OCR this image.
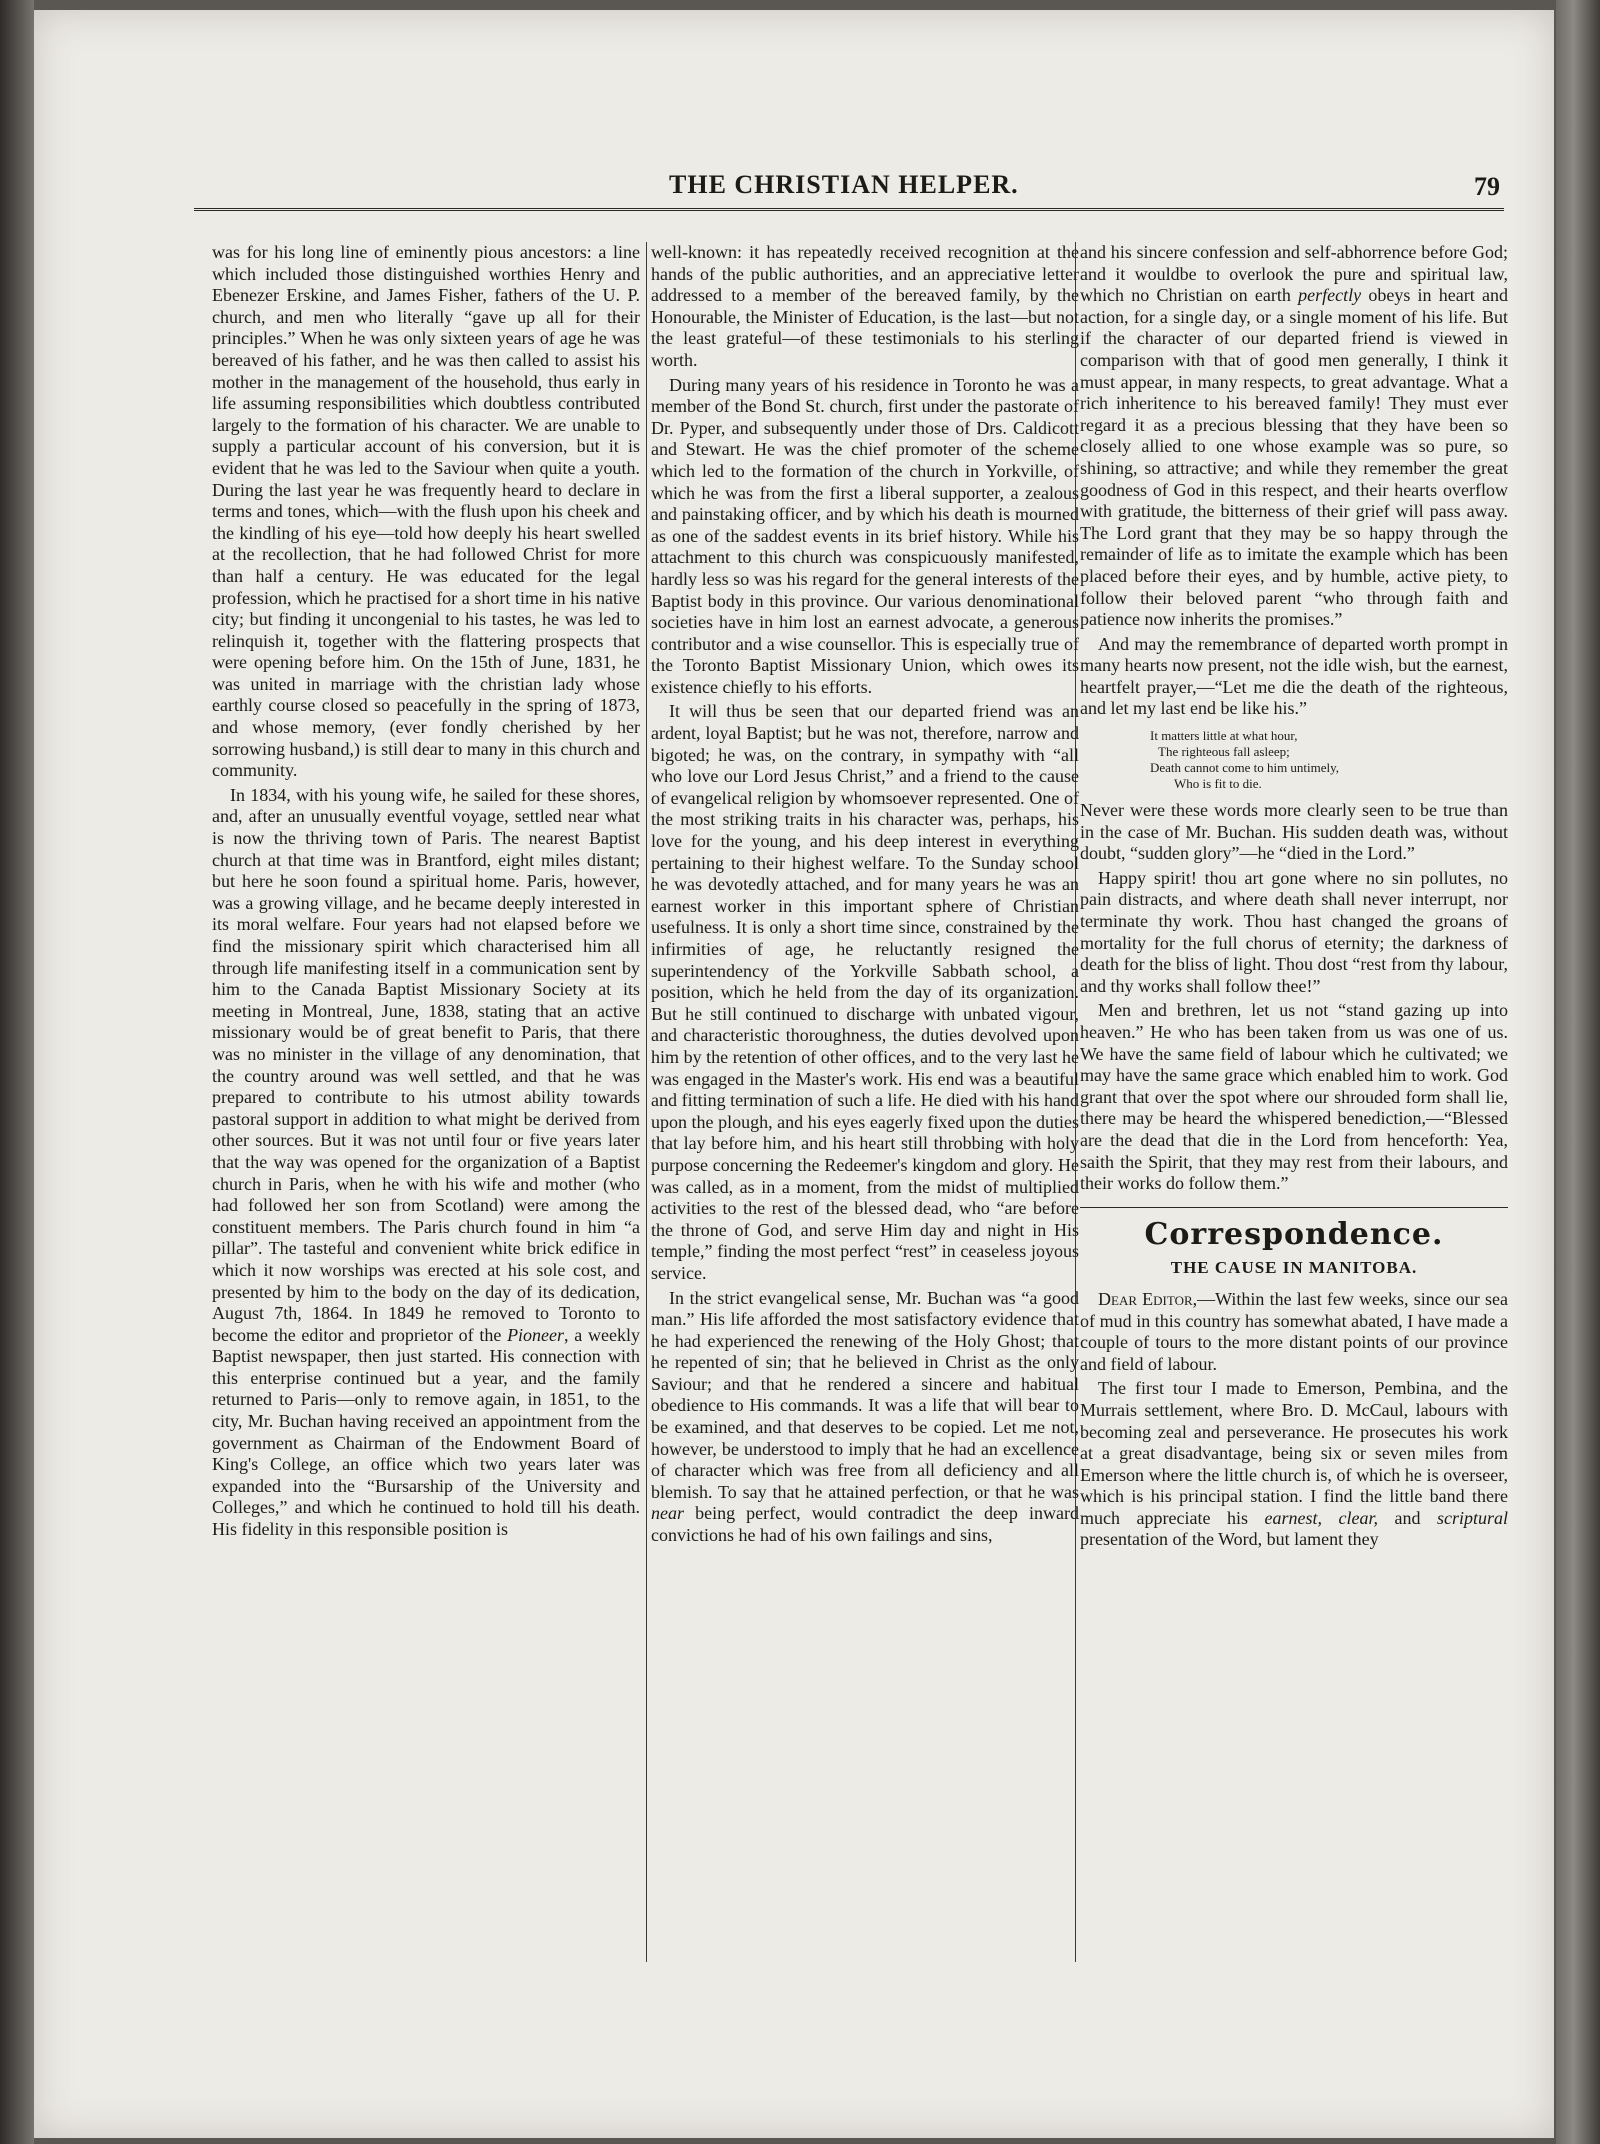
THE CHRISTIAN HELPER.	79

was for his long line of eminently pious ancestors: a line which included those distinguished worthies Henry and Ebenezer Erskine, and James Fisher, fathers of the U. P. church, and men who literally “gave up all for their principles.” When he was only sixteen years of age he was bereaved of his father, and he was then called to assist his mother in the management of the household, thus early in life assuming responsibilities which doubtless contributed largely to the formation of his character. We are unable to supply a particular account of his conversion, but it is evident that he was led to the Saviour when quite a youth. During the last year he was frequently heard to declare in terms and tones, which—with the flush upon his cheek and the kindling of his eye—told how deeply his heart swelled at the recollection, that he had followed Christ for more than half a century. He was educated for the legal profession, which he practised for a short time in his native city; but finding it uncongenial to his tastes, he was led to relinquish it, together with the flattering prospects that were opening before him. On the 15th of June, 1831, he was united in marriage with the christian lady whose earthly course closed so peacefully in the spring of 1873, and whose memory, (ever fondly cherished by her sorrowing husband,) is still dear to many in this church and community.

In 1834, with his young wife, he sailed for these shores, and, after an unusually eventful voyage, settled near what is now the thriving town of Paris. The nearest Baptist church at that time was in Brantford, eight miles distant; but here he soon found a spiritual home. Paris, however, was a growing village, and he became deeply interested in its moral welfare. Four years had not elapsed before we find the missionary spirit which characterised him all through life manifesting itself in a communication sent by him to the Canada Baptist Missionary Society at its meeting in Montreal, June, 1838, stating that an active missionary would be of great benefit to Paris, that there was no minister in the village of any denomination, that the country around was well settled, and that he was prepared to contribute to his utmost ability towards pastoral support in addition to what might be derived from other sources. But it was not until four or five years later that the way was opened for the organization of a Baptist church in Paris, when he with his wife and mother (who had followed her son from Scotland) were among the constituent members. The Paris church found in him “a pillar”. The tasteful and convenient white brick edifice in which it now worships was erected at his sole cost, and presented by him to the body on the day of its dedication, August 7th, 1864. In 1849 he removed to Toronto to become the editor and proprietor of the Pioneer, a weekly Baptist newspaper, then just started. His connection with this enterprise continued but a year, and the family returned to Paris—only to remove again, in 1851, to the city, Mr. Buchan having received an appointment from the government as Chairman of the Endowment Board of King's College, an office which two years later was expanded into the “Bursarship of the University and Colleges,” and which he continued to hold till his death. His fidelity in this responsible position is

well-known: it has repeatedly received recognition at the hands of the public authorities, and an appreciative letter addressed to a member of the bereaved family, by the Honourable, the Minister of Education, is the last—but not the least grateful—of these testimonials to his sterling worth.

During many years of his residence in Toronto he was a member of the Bond St. church, first under the pastorate of Dr. Pyper, and subsequently under those of Drs. Caldicott and Stewart. He was the chief promoter of the scheme which led to the formation of the church in Yorkville, of which he was from the first a liberal supporter, a zealous and painstaking officer, and by which his death is mourned as one of the saddest events in its brief history. While his attachment to this church was conspicuously manifested, hardly less so was his regard for the general interests of the Baptist body in this province. Our various denominational societies have in him lost an earnest advocate, a generous contributor and a wise counsellor. This is especially true of the Toronto Baptist Missionary Union, which owes its existence chiefly to his efforts.

It will thus be seen that our departed friend was an ardent, loyal Baptist; but he was not, therefore, narrow and bigoted; he was, on the contrary, in sympathy with “all who love our Lord Jesus Christ,” and a friend to the cause of evangelical religion by whomsoever represented. One of the most striking traits in his character was, perhaps, his love for the young, and his deep interest in everything pertaining to their highest welfare. To the Sunday school he was devotedly attached, and for many years he was an earnest worker in this important sphere of Christian usefulness. It is only a short time since, constrained by the infirmities of age, he reluctantly resigned the superintendency of the Yorkville Sabbath school, a position, which he held from the day of its organization. But he still continued to discharge with unbated vigour, and characteristic thoroughness, the duties devolved upon him by the retention of other offices, and to the very last he was engaged in the Master's work. His end was a beautiful and fitting termination of such a life. He died with his hand upon the plough, and his eyes eagerly fixed upon the duties that lay before him, and his heart still throbbing with holy purpose concerning the Redeemer's kingdom and glory. He was called, as in a moment, from the midst of multiplied activities to the rest of the blessed dead, who “are before the throne of God, and serve Him day and night in His temple,” finding the most perfect “rest” in ceaseless joyous service.

In the strict evangelical sense, Mr. Buchan was “a good man.” His life afforded the most satisfactory evidence that he had experienced the renewing of the Holy Ghost; that he repented of sin; that he believed in Christ as the only Saviour; and that he rendered a sincere and habitual obedience to His commands. It was a life that will bear to be examined, and that deserves to be copied. Let me not, however, be understood to imply that he had an excellence of character which was free from all deficiency and all blemish. To say that he attained perfection, or that he was near being perfect, would contradict the deep inward convictions he had of his own failings and sins,

and his sincere confession and self-abhorrence before God; and it wouldbe to overlook the pure and spiritual law, which no Christian on earth perfectly obeys in heart and action, for a single day, or a single moment of his life. But if the character of our departed friend is viewed in comparison with that of good men generally, I think it must appear, in many respects, to great advantage. What a rich inheritence to his bereaved family! They must ever regard it as a precious blessing that they have been so closely allied to one whose example was so pure, so shining, so attractive; and while they remember the great goodness of God in this respect, and their hearts overflow with gratitude, the bitterness of their grief will pass away. The Lord grant that they may be so happy through the remainder of life as to imitate the example which has been placed before their eyes, and by humble, active piety, to follow their beloved parent “who through faith and patience now inherits the promises.”

And may the remembrance of departed worth prompt in many hearts now present, not the idle wish, but the earnest, heartfelt prayer,—“Let me die the death of the righteous, and let my last end be like his.”

It matters little at what hour,
The righteous fall asleep;
Death cannot come to him untimely,
Who is fit to die.

Never were these words more clearly seen to be true than in the case of Mr. Buchan. His sudden death was, without doubt, “sudden glory”—he “died in the Lord.”

Happy spirit! thou art gone where no sin pollutes, no pain distracts, and where death shall never interrupt, nor terminate thy work. Thou hast changed the groans of mortality for the full chorus of eternity; the darkness of death for the bliss of light. Thou dost “rest from thy labour, and thy works shall follow thee!”

Men and brethren, let us not “stand gazing up into heaven.” He who has been taken from us was one of us. We have the same field of labour which he cultivated; we may have the same grace which enabled him to work. God grant that over the spot where our shrouded form shall lie, there may be heard the whispered benediction,—“Blessed are the dead that die in the Lord from henceforth: Yea, saith the Spirit, that they may rest from their labours, and their works do follow them.”

Correspondence.
THE CAUSE IN MANITOBA.

Dear Editor,—Within the last few weeks, since our sea of mud in this country has somewhat abated, I have made a couple of tours to the more distant points of our province and field of labour.

The first tour I made to Emerson, Pembina, and the Murrais settlement, where Bro. D. McCaul, labours with becoming zeal and perseverance. He prosecutes his work at a great disadvantage, being six or seven miles from Emerson where the little church is, of which he is overseer, which is his principal station. I find the little band there much appreciate his earnest, clear, and scriptural presentation of the Word, but lament they
